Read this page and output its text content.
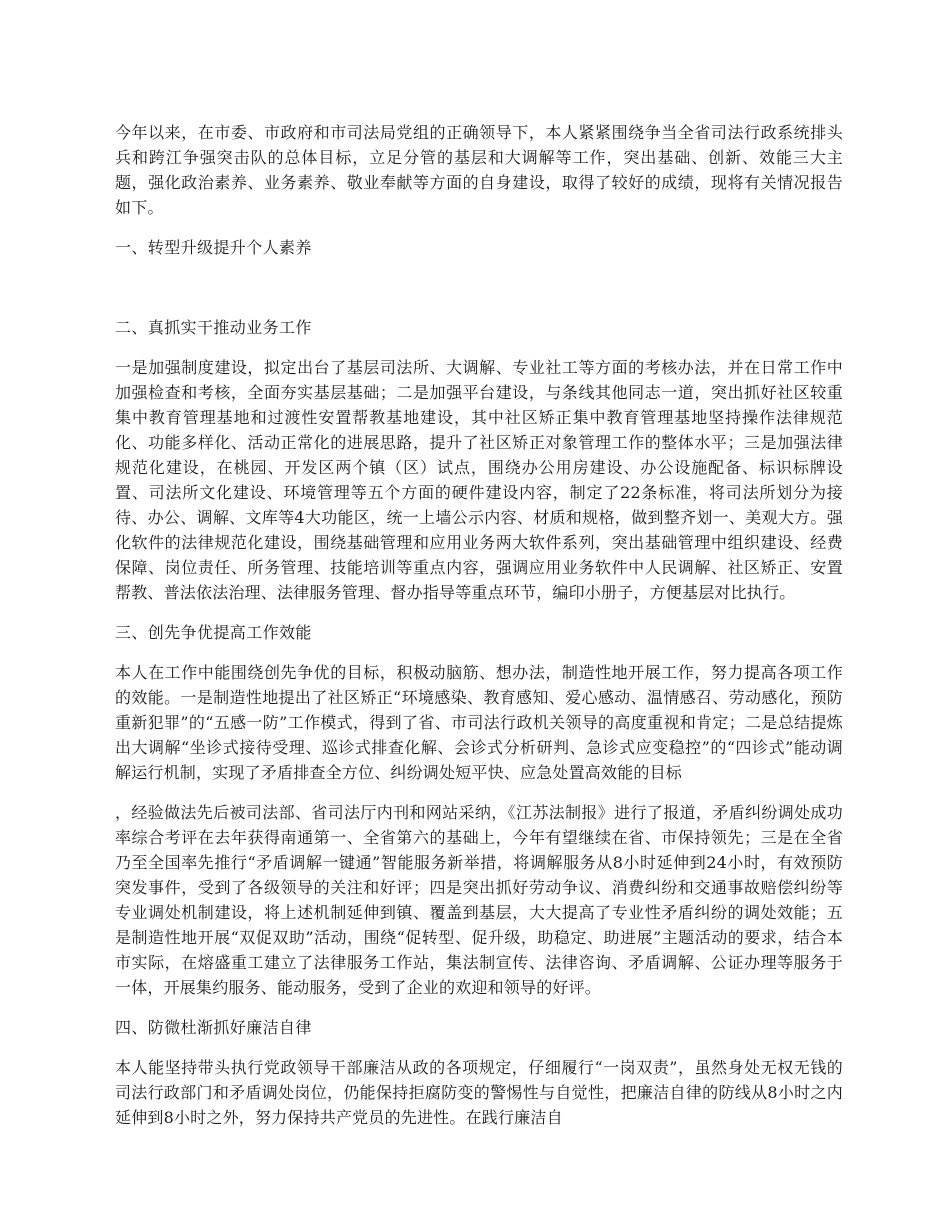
今年以来，在市委、市政府和市司法局党组的正确领导下，本人紧紧围绕争当全省司法行政系统排头兵和跨江争强突击队的总体目标，立足分管的基层和大调解等工作，突出基础、创新、效能三大主题，强化政治素养、业务素养、敬业奉献等方面的自身建设，取得了较好的成绩，现将有关情况报告如下。

一、转型升级提升个人素养

二、真抓实干推动业务工作

一是加强制度建设，拟定出台了基层司法所、大调解、专业社工等方面的考核办法，并在日常工作中加强检查和考核，全面夯实基层基础；二是加强平台建设，与条线其他同志一道，突出抓好社区较重集中教育管理基地和过渡性安置帮教基地建设，其中社区矫正集中教育管理基地坚持操作法律规范化、功能多样化、活动正常化的进展思路，提升了社区矫正对象管理工作的整体水平；三是加强法律规范化建设，在桃园、开发区两个镇（区）试点，围绕办公用房建设、办公设施配备、标识标牌设置、司法所文化建设、环境管理等五个方面的硬件建设内容，制定了22条标准，将司法所划分为接待、办公、调解、文库等4大功能区，统一上墙公示内容、材质和规格，做到整齐划一、美观大方。强化软件的法律规范化建设，围绕基础管理和应用业务两大软件系列，突出基础管理中组织建设、经费保障、岗位责任、所务管理、技能培训等重点内容，强调应用业务软件中人民调解、社区矫正、安置帮教、普法依法治理、法律服务管理、督办指导等重点环节，编印小册子，方便基层对比执行。

三、创先争优提高工作效能

本人在工作中能围绕创先争优的目标，积极动脑筋、想办法，制造性地开展工作，努力提高各项工作的效能。一是制造性地提出了社区矫正“环境感染、教育感知、爱心感动、温情感召、劳动感化，预防重新犯罪”的“五感一防”工作模式，得到了省、市司法行政机关领导的高度重视和肯定；二是总结提炼出大调解“坐诊式接待受理、巡诊式排查化解、会诊式分析研判、急诊式应变稳控”的“四诊式”能动调解运行机制，实现了矛盾排查全方位、纠纷调处短平快、应急处置高效能的目标

，经验做法先后被司法部、省司法厅内刊和网站采纳，《江苏法制报》进行了报道，矛盾纠纷调处成功率综合考评在去年获得南通第一、全省第六的基础上，今年有望继续在省、市保持领先；三是在全省乃至全国率先推行“矛盾调解一键通”智能服务新举措，将调解服务从8小时延伸到24小时，有效预防突发事件，受到了各级领导的关注和好评；四是突出抓好劳动争议、消费纠纷和交通事故赔偿纠纷等专业调处机制建设，将上述机制延伸到镇、覆盖到基层，大大提高了专业性矛盾纠纷的调处效能；五是制造性地开展“双促双助”活动，围绕“促转型、促升级，助稳定、助进展”主题活动的要求，结合本市实际，在熔盛重工建立了法律服务工作站，集法制宣传、法律咨询、矛盾调解、公证办理等服务于一体，开展集约服务、能动服务，受到了企业的欢迎和领导的好评。

四、防微杜渐抓好廉洁自律

本人能坚持带头执行党政领导干部廉洁从政的各项规定，仔细履行“一岗双责”，虽然身处无权无钱的司法行政部门和矛盾调处岗位，仍能保持拒腐防变的警惕性与自觉性，把廉洁自律的防线从8小时之内延伸到8小时之外，努力保持共产党员的先进性。在践行廉洁自
